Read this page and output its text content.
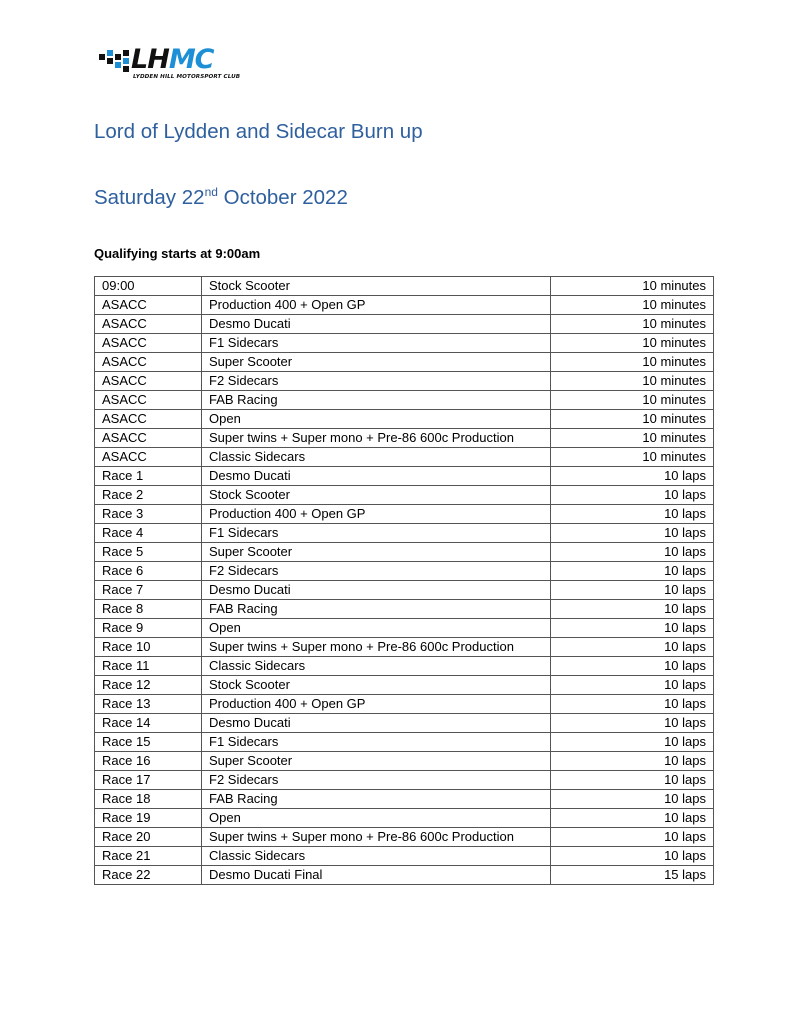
LHMC
LYDDEN HILL MOTORSPORT CLUB
Lord of Lydden and Sidecar Burn up
Saturday 22nd October 2022
Qualifying starts at 9:00am
09:00	Stock Scooter	10 minutes
ASACC	Production 400 + Open GP	10 minutes
ASACC	Desmo Ducati	10 minutes
ASACC	F1 Sidecars	10 minutes
ASACC	Super Scooter	10 minutes
ASACC	F2 Sidecars	10 minutes
ASACC	FAB Racing	10 minutes
ASACC	Open	10 minutes
ASACC	Super twins + Super mono + Pre-86 600c Production	10 minutes
ASACC	Classic Sidecars	10 minutes
Race 1	Desmo Ducati	10 laps
Race 2	Stock Scooter	10 laps
Race 3	Production 400 + Open GP	10 laps
Race 4	F1 Sidecars	10 laps
Race 5	Super Scooter	10 laps
Race 6	F2 Sidecars	10 laps
Race 7	Desmo Ducati	10 laps
Race 8	FAB Racing	10 laps
Race 9	Open	10 laps
Race 10	Super twins + Super mono + Pre-86 600c Production	10 laps
Race 11	Classic Sidecars	10 laps
Race 12	Stock Scooter	10 laps
Race 13	Production 400 + Open GP	10 laps
Race 14	Desmo Ducati	10 laps
Race 15	F1 Sidecars	10 laps
Race 16	Super Scooter	10 laps
Race 17	F2 Sidecars	10 laps
Race 18	FAB Racing	10 laps
Race 19	Open	10 laps
Race 20	Super twins + Super mono + Pre-86 600c Production	10 laps
Race 21	Classic Sidecars	10 laps
Race 22	Desmo Ducati Final	15 laps
